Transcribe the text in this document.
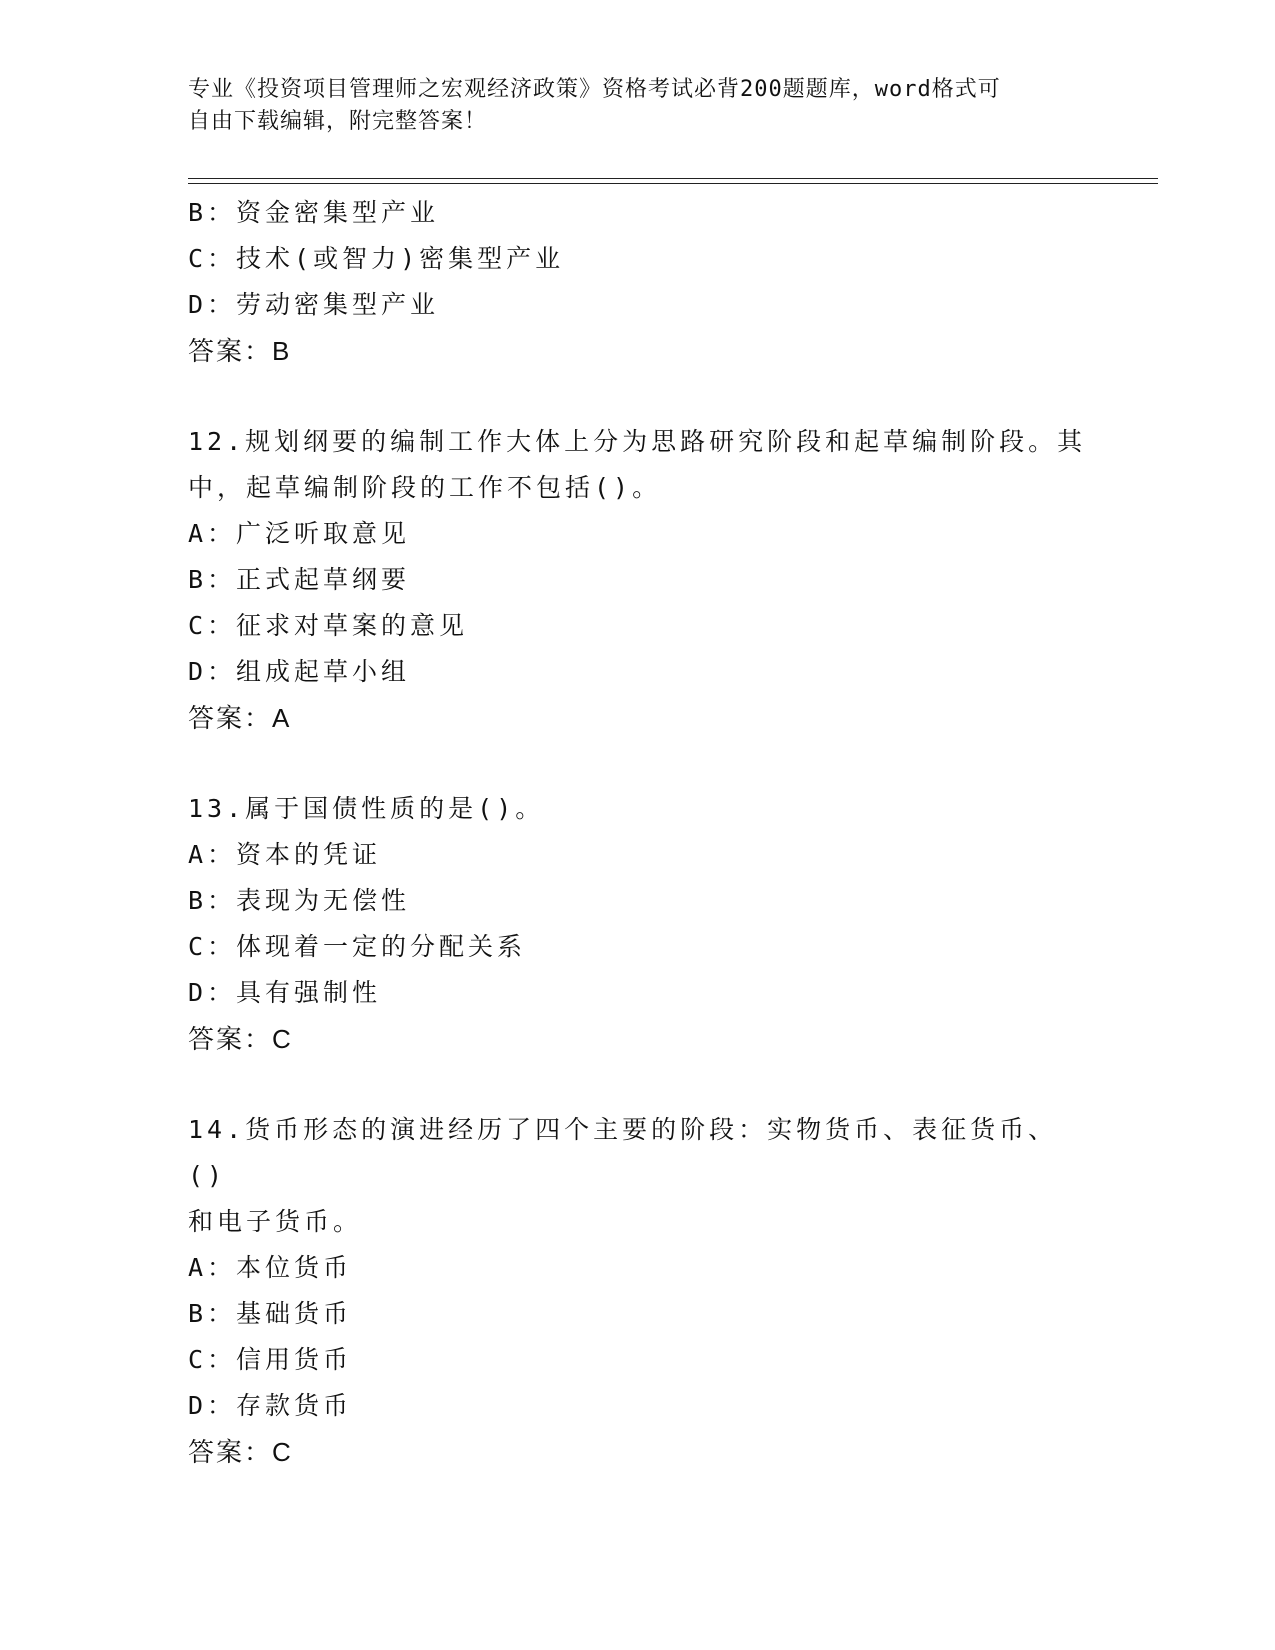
专业《投资项目管理师之宏观经济政策》资格考试必背200题题库，word格式可
自由下载编辑，附完整答案！
B：资金密集型产业
C：技术(或智力)密集型产业
D：劳动密集型产业
答案：B
12.规划纲要的编制工作大体上分为思路研究阶段和起草编制阶段。其
中，起草编制阶段的工作不包括()。
A：广泛听取意见
B：正式起草纲要
C：征求对草案的意见
D：组成起草小组
答案：A
13.属于国债性质的是()。
A：资本的凭证
B：表现为无偿性
C：体现着一定的分配关系
D：具有强制性
答案：C
14.货币形态的演进经历了四个主要的阶段：实物货币、表征货币、()
和电子货币。
A：本位货币
B：基础货币
C：信用货币
D：存款货币
答案：C
